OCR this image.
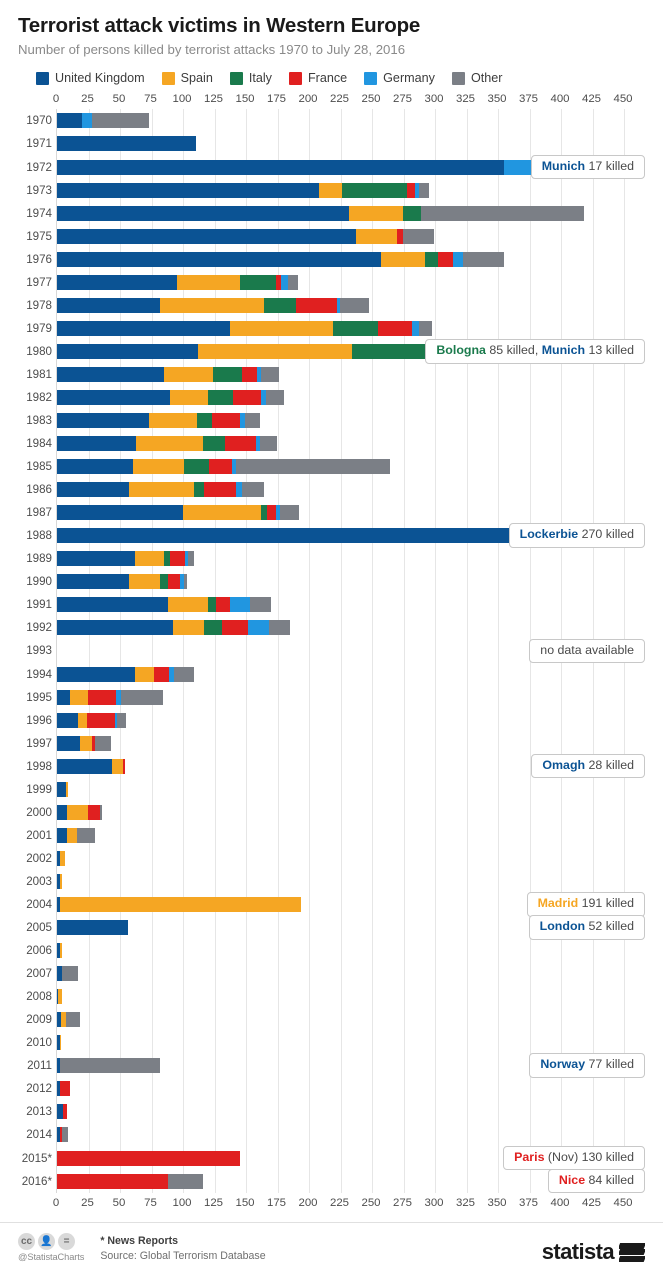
Terrorist attack victims in Western Europe

Number of persons killed by terrorist attacks 1970 to July 28, 2016

United Kingdom	Spain	Italy	France	Germany	Other
0 25 50 75 100 125 150 175 200 225 250 275 300 325 350 375 400 425 450
1970
1971
1972
1973
1974
1975
1976
1977
1978
1979
1980
1981
1982
1983
1984
1985
1986
1987
1988
1989
1990
1991
1992
1993
1994
1995
1996
1997
1998
1999
2000
2001
2002
2003
2004
2005
2006
2007
2008
2009
2010
2011
2012
2013
2014
2015*
2016*
Munich 17 killed
Bologna 85 killed, Munich 13 killed
Lockerbie 270 killed
no data available
Omagh 28 killed
Madrid 191 killed
London 52 killed
Norway 77 killed
Paris (Nov) 130 killed
Nice 84 killed
0 25 50 75 100 125 150 175 200 225 250 275 300 325 350 375 400 425 450
cc 👤	=
@StatistaCharts
* News Reports
Source: Global Terrorism Database	statista
